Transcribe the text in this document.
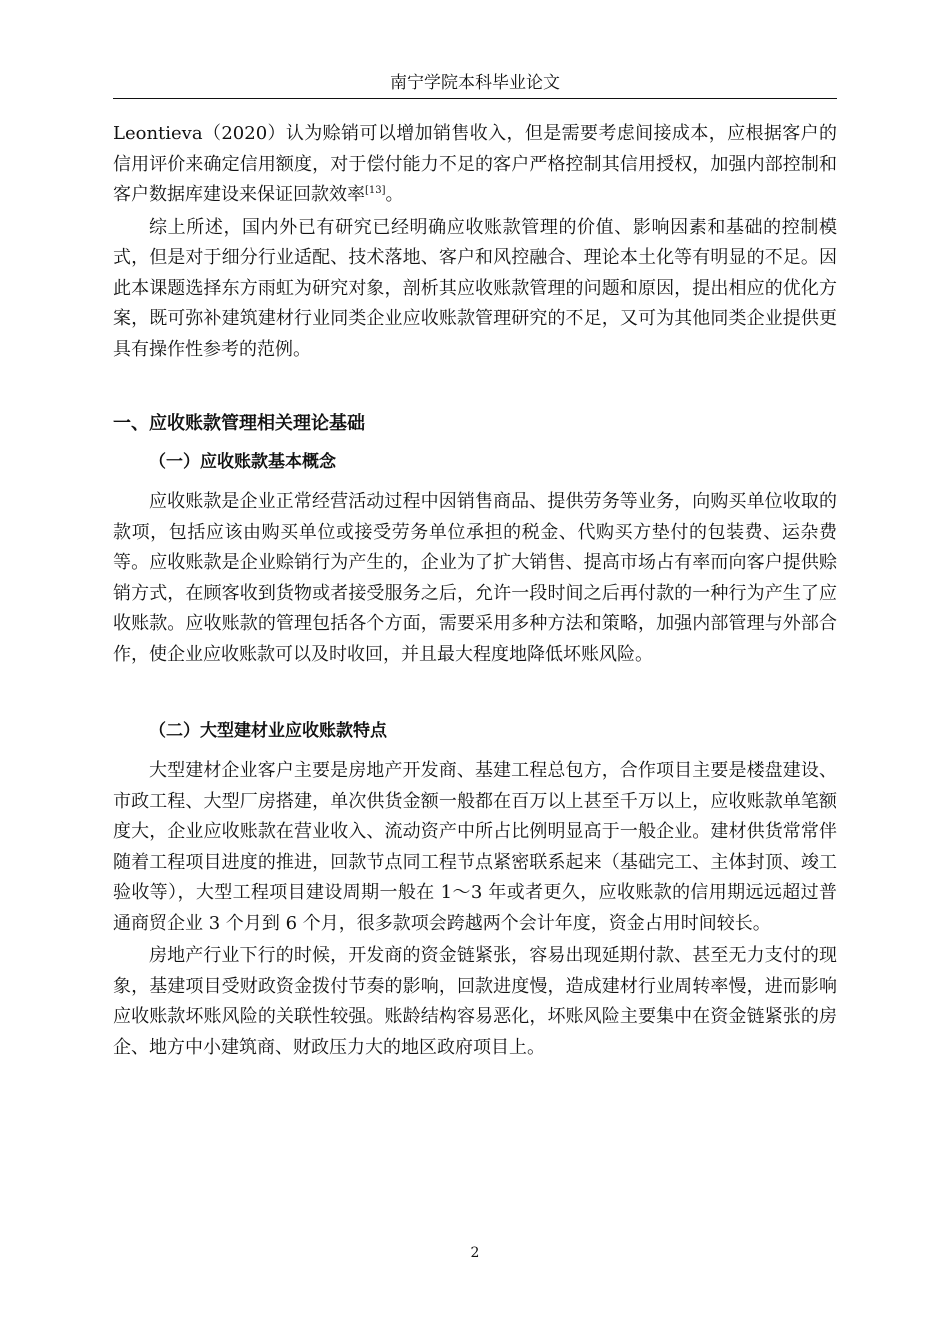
南宁学院本科毕业论文

Leontieva（2020）认为赊销可以增加销售收入，但是需要考虑间接成本，应根据客户的信用评价来确定信用额度，对于偿付能力不足的客户严格控制其信用授权，加强内部控制和客户数据库建设来保证回款效率[13]。

综上所述，国内外已有研究已经明确应收账款管理的价值、影响因素和基础的控制模式，但是对于细分行业适配、技术落地、客户和风控融合、理论本土化等有明显的不足。因此本课题选择东方雨虹为研究对象，剖析其应收账款管理的问题和原因，提出相应的优化方案，既可弥补建筑建材行业同类企业应收账款管理研究的不足，又可为其他同类企业提供更具有操作性参考的范例。

一、应收账款管理相关理论基础
（一）应收账款基本概念

应收账款是企业正常经营活动过程中因销售商品、提供劳务等业务，向购买单位收取的款项，包括应该由购买单位或接受劳务单位承担的税金、代购买方垫付的包装费、运杂费等。应收账款是企业赊销行为产生的，企业为了扩大销售、提高市场占有率而向客户提供赊销方式，在顾客收到货物或者接受服务之后，允许一段时间之后再付款的一种行为产生了应收账款。应收账款的管理包括各个方面，需要采用多种方法和策略，加强内部管理与外部合作，使企业应收账款可以及时收回，并且最大程度地降低坏账风险。

（二）大型建材业应收账款特点

大型建材企业客户主要是房地产开发商、基建工程总包方，合作项目主要是楼盘建设、市政工程、大型厂房搭建，单次供货金额一般都在百万以上甚至千万以上，应收账款单笔额度大，企业应收账款在营业收入、流动资产中所占比例明显高于一般企业。建材供货常常伴随着工程项目进度的推进，回款节点同工程节点紧密联系起来（基础完工、主体封顶、竣工验收等），大型工程项目建设周期一般在 1～3 年或者更久，应收账款的信用期远远超过普通商贸企业 3 个月到 6 个月，很多款项会跨越两个会计年度，资金占用时间较长。

房地产行业下行的时候，开发商的资金链紧张，容易出现延期付款、甚至无力支付的现象，基建项目受财政资金拨付节奏的影响，回款进度慢，造成建材行业周转率慢，进而影响应收账款坏账风险的关联性较强。账龄结构容易恶化，坏账风险主要集中在资金链紧张的房企、地方中小建筑商、财政压力大的地区政府项目上。

2
